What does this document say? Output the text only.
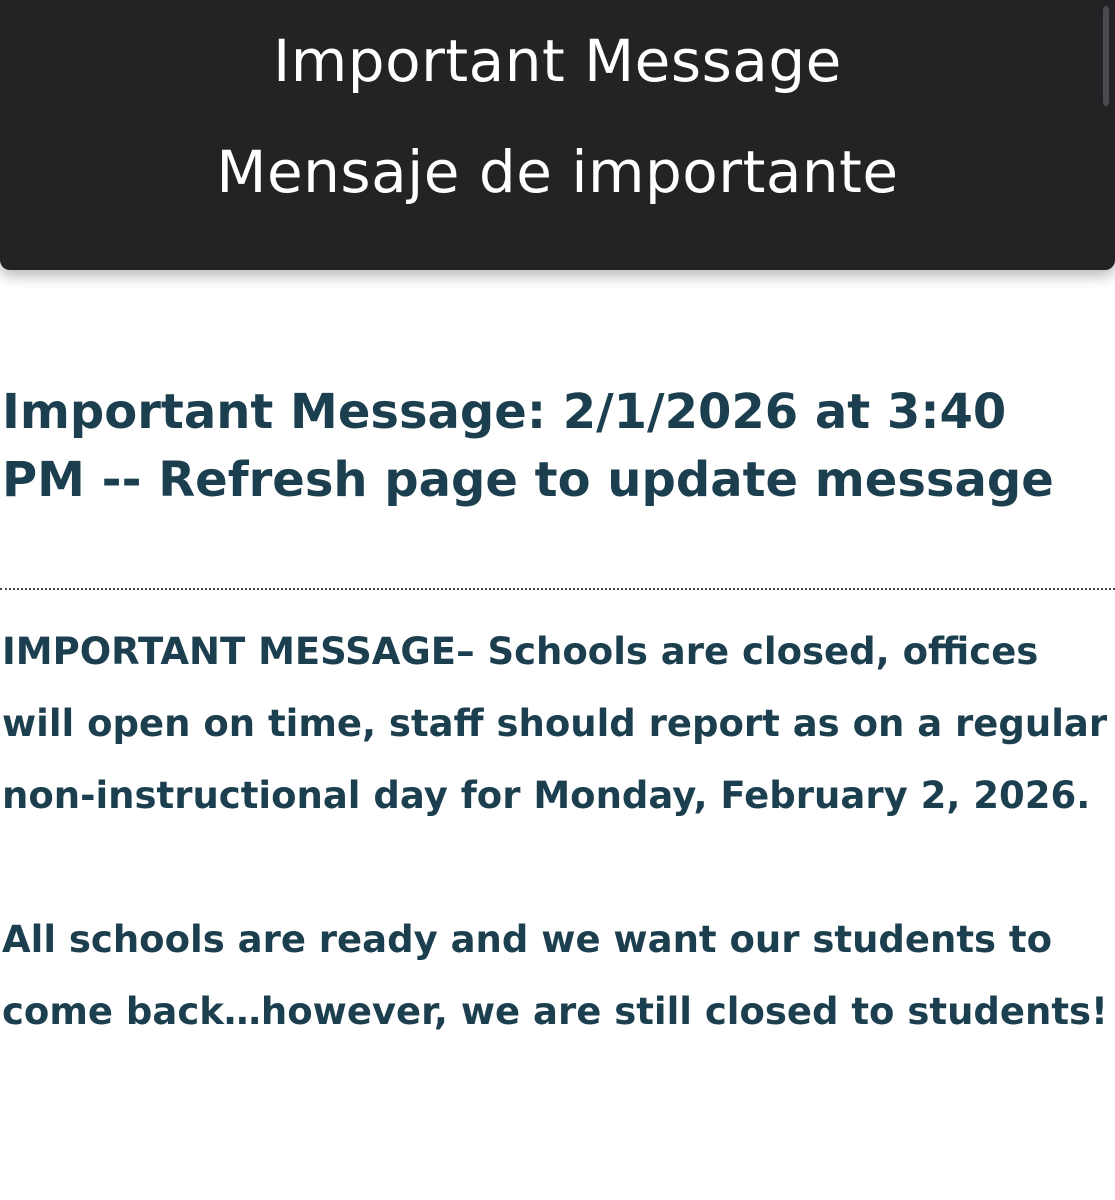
Important Message
Mensaje de importante
Important Message: 2/1/2026 at 3:40 PM -- Refresh page to update message

IMPORTANT MESSAGE– Schools are closed, offices will open on time, staff should report as on a regular non-instructional day for Monday, February 2, 2026.

All schools are ready and we want our students to come back…however, we are still closed to students!
